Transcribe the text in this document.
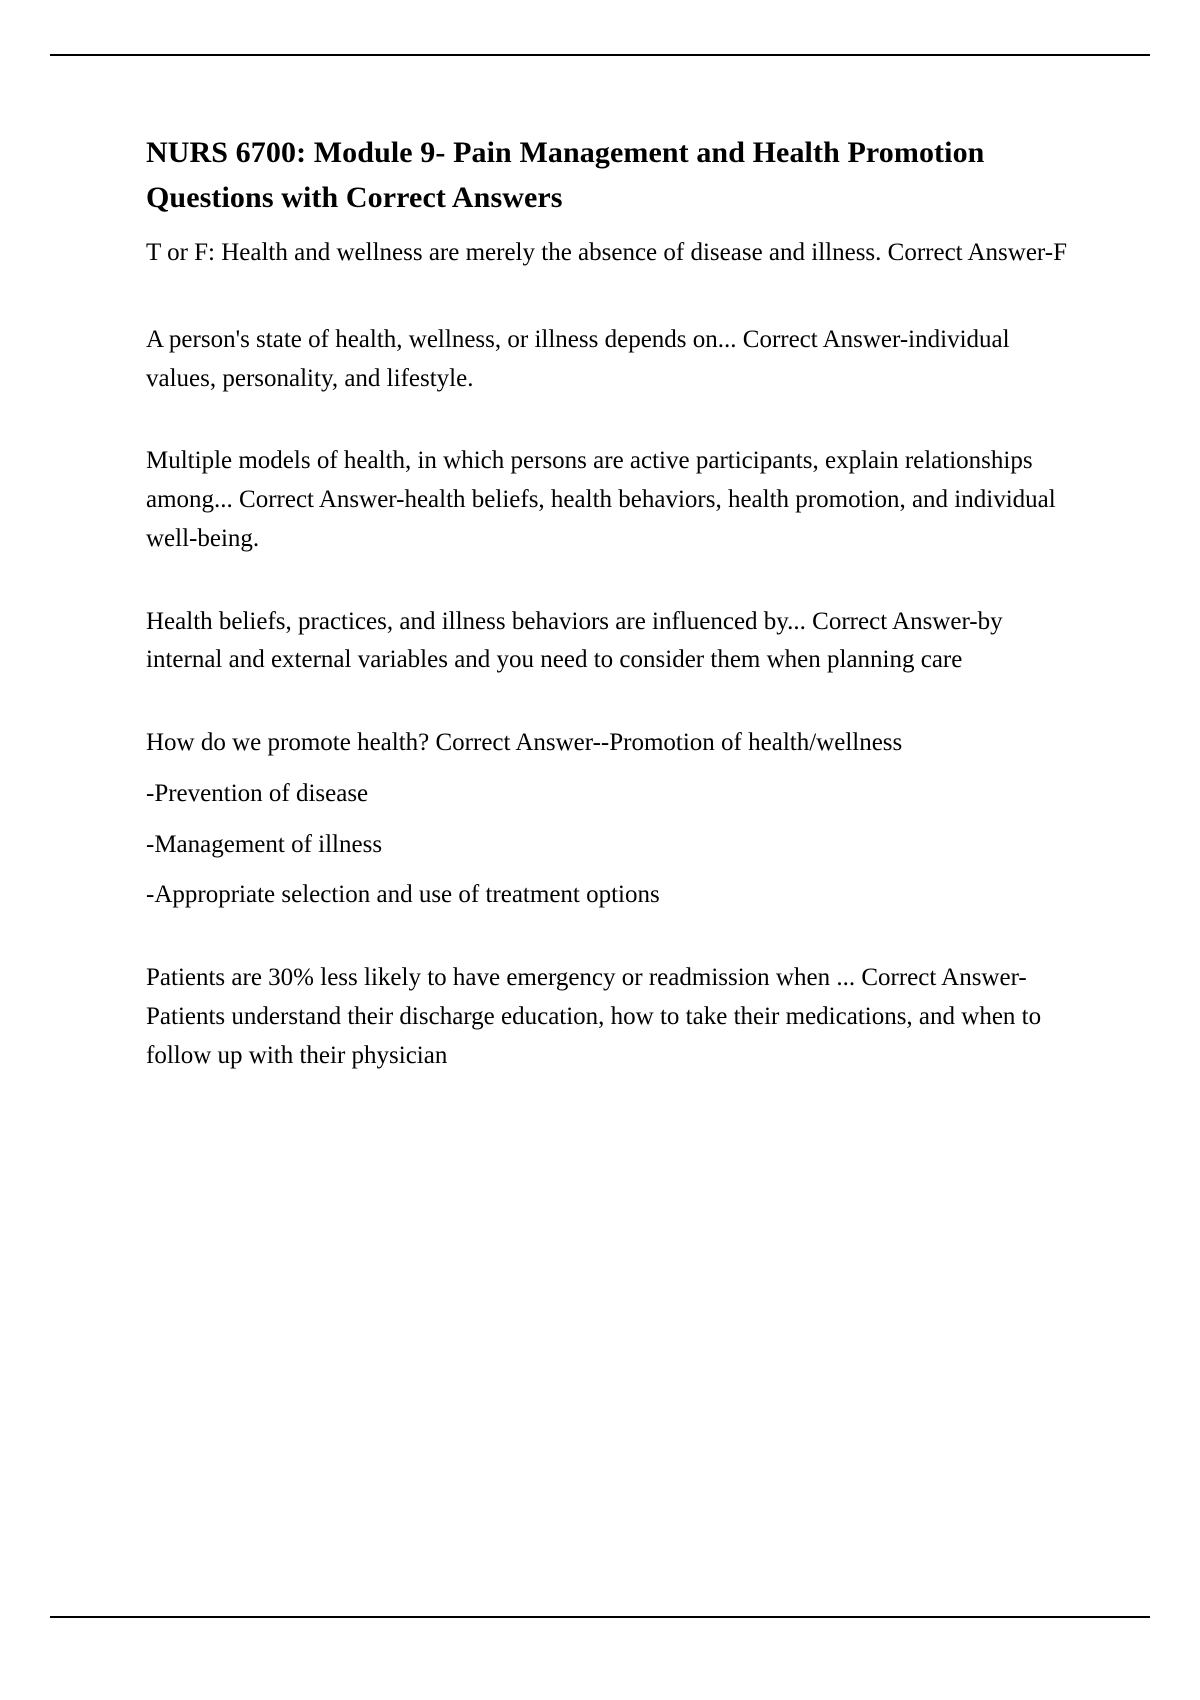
NURS 6700: Module 9- Pain Management and Health Promotion Questions with Correct Answers

T or F: Health and wellness are merely the absence of disease and illness. Correct Answer-F

A person's state of health, wellness, or illness depends on... Correct Answer-individual values, personality, and lifestyle.

Multiple models of health, in which persons are active participants, explain relationships among... Correct Answer-health beliefs, health behaviors, health promotion, and individual well-being.

Health beliefs, practices, and illness behaviors are influenced by... Correct Answer-by internal and external variables and you need to consider them when planning care

How do we promote health? Correct Answer--Promotion of health/wellness

-Prevention of disease

-Management of illness

-Appropriate selection and use of treatment options

Patients are 30% less likely to have emergency or readmission when ... Correct Answer-Patients understand their discharge education, how to take their medications, and when to follow up with their physician
